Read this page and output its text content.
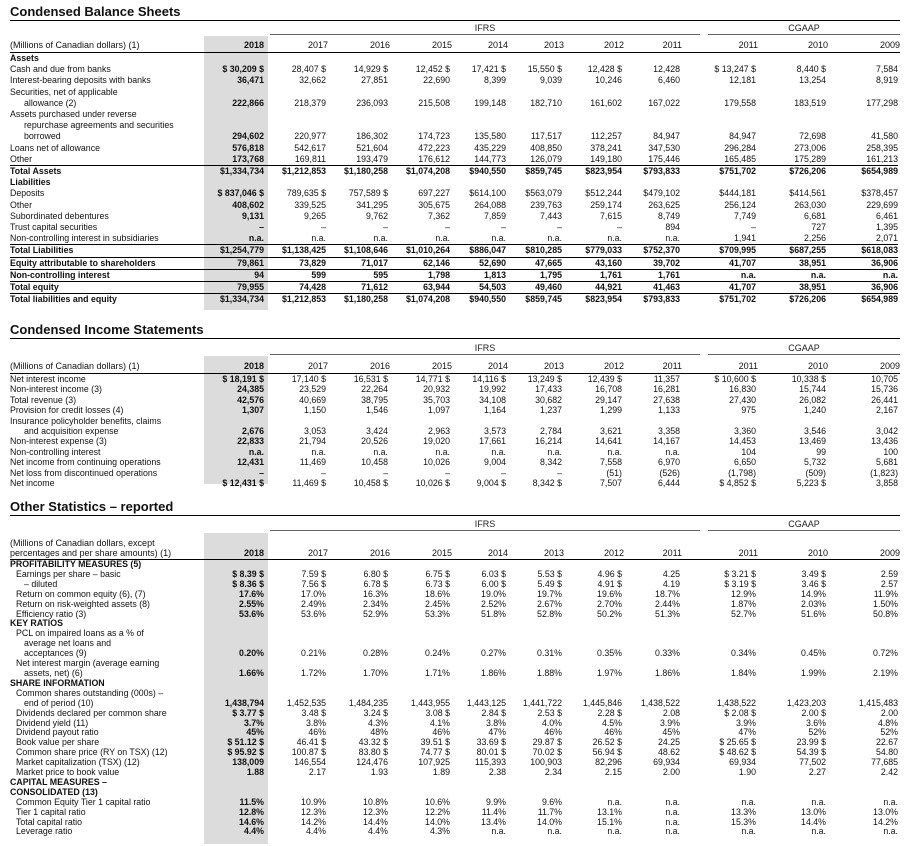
Condensed Balance Sheets
IFRS	CGAAP
(Millions of Canadian dollars) (1)	2018	2017	2016	2015	2014	2013	2012	2011	2011	2010	2009
Assets											
Cash and due from banks	$ 30,209 $	28,407 $	14,929 $	12,452 $	17,421 $	15,550 $	12,428 $	12,428	$ 13,247 $	8,440 $	7,584
Interest-bearing deposits with banks	36,471	32,662	27,851	22,690	8,399	9,039	10,246	6,460	12,181	13,254	8,919
Securities, net of applicable											
allowance (2)	222,866	218,379	236,093	215,508	199,148	182,710	161,602	167,022	179,558	183,519	177,298
Assets purchased under reverse											
repurchase agreements and securities											
borrowed	294,602	220,977	186,302	174,723	135,580	117,517	112,257	84,947	84,947	72,698	41,580
Loans net of allowance	576,818	542,617	521,604	472,223	435,229	408,850	378,241	347,530	296,284	273,006	258,395
Other	173,768	169,811	193,479	176,612	144,773	126,079	149,180	175,446	165,485	175,289	161,213
Total Assets	$1,334,734	$1,212,853	$1,180,258	$1,074,208	$940,550	$859,745	$823,954	$793,833	$751,702	$726,206	$654,989
Liabilities											
Deposits	$ 837,046 $	789,635 $	757,589 $	697,227	$614,100	$563,079	$512,244	$479,102	$444,181	$414,561	$378,457
Other	408,602	339,525	341,295	305,675	264,088	239,763	259,174	263,625	256,124	263,030	229,699
Subordinated debentures	9,131	9,265	9,762	7,362	7,859	7,443	7,615	8,749	7,749	6,681	6,461
Trust capital securities	–	–	–	–	–	–	–	894	–	727	1,395
Non-controlling interest in subsidiaries	n.a.	n.a.	n.a.	n.a.	n.a.	n.a.	n.a.	n.a.	1,941	2,256	2,071
Total Liabilities	$1,254,779	$1,138,425	$1,108,646	$1,010,264	$886,047	$810,285	$779,033	$752,370	$709,995	$687,255	$618,083
Equity attributable to shareholders	79,861	73,829	71,017	62,146	52,690	47,665	43,160	39,702	41,707	38,951	36,906
Non-controlling interest	94	599	595	1,798	1,813	1,795	1,761	1,761	n.a.	n.a.	n.a.
Total equity	79,955	74,428	71,612	63,944	54,503	49,460	44,921	41,463	41,707	38,951	36,906
Total liabilities and equity	$1,334,734	$1,212,853	$1,180,258	$1,074,208	$940,550	$859,745	$823,954	$793,833	$751,702	$726,206	$654,989
Condensed Income Statements
IFRS	CGAAP
(Millions of Canadian dollars) (1)	2018	2017	2016	2015	2014	2013	2012	2011	2011	2010	2009
Net interest income	$ 18,191 $	17,140 $	16,531 $	14,771 $	14,116 $	13,249 $	12,439 $	11,357	$ 10,600 $	10,338 $	10,705
Non-interest income (3)	24,385	23,529	22,264	20,932	19,992	17,433	16,708	16,281	16,830	15,744	15,736
Total revenue (3)	42,576	40,669	38,795	35,703	34,108	30,682	29,147	27,638	27,430	26,082	26,441
Provision for credit losses (4)	1,307	1,150	1,546	1,097	1,164	1,237	1,299	1,133	975	1,240	2,167
Insurance policyholder benefits, claims											
and acquisition expense	2,676	3,053	3,424	2,963	3,573	2,784	3,621	3,358	3,360	3,546	3,042
Non-interest expense (3)	22,833	21,794	20,526	19,020	17,661	16,214	14,641	14,167	14,453	13,469	13,436
Non-controlling interest	n.a.	n.a.	n.a.	n.a.	n.a.	n.a.	n.a.	n.a.	104	99	100
Net income from continuing operations	12,431	11,469	10,458	10,026	9,004	8,342	7,558	6,970	6,650	5,732	5,681
Net loss from discontinued operations	–	–	–	–	–	–	(51)	(526)	(1,798)	(509)	(1,823)
Net income	$ 12,431 $	11,469 $	10,458 $	10,026 $	9,004 $	8,342 $	7,507	6,444	$ 4,852 $	5,223 $	3,858
Other Statistics – reported
IFRS	CGAAP
(Millions of Canadian dollars, except
percentages and per share amounts) (1)	2018	2017	2016	2015	2014	2013	2012	2011	2011	2010	2009
PROFITABILITY MEASURES (5)											
Earnings per share – basic	$ 8.39 $	7.59 $	6.80 $	6.75 $	6.03 $	5.53 $	4.96 $	4.25	$ 3.21 $	3.49 $	2.59
– diluted	$ 8.36 $	7.56 $	6.78 $	6.73 $	6.00 $	5.49 $	4.91 $	4.19	$ 3.19 $	3.46 $	2.57
Return on common equity (6), (7)	17.6%	17.0%	16.3%	18.6%	19.0%	19.7%	19.6%	18.7%	12.9%	14.9%	11.9%
Return on risk-weighted assets (8)	2.55%	2.49%	2.34%	2.45%	2.52%	2.67%	2.70%	2.44%	1.87%	2.03%	1.50%
Efficiency ratio (3)	53.6%	53.6%	52.9%	53.3%	51.8%	52.8%	50.2%	51.3%	52.7%	51.6%	50.8%
KEY RATIOS											
PCL on impaired loans as a % of											
average net loans and											
acceptances (9)	0.20%	0.21%	0.28%	0.24%	0.27%	0.31%	0.35%	0.33%	0.34%	0.45%	0.72%
Net interest margin (average earning											
assets, net) (6)	1.66%	1.72%	1.70%	1.71%	1.86%	1.88%	1.97%	1.86%	1.84%	1.99%	2.19%
SHARE INFORMATION											
Common shares outstanding (000s) –											
end of period (10)	1,438,794	1,452,535	1,484,235	1,443,955	1,443,125	1,441,722	1,445,846	1,438,522	1,438,522	1,423,203	1,415,483
Dividends declared per common share	$ 3.77 $	3.48 $	3.24 $	3.08 $	2.84 $	2.53 $	2.28 $	2.08	$ 2.08 $	2.00 $	2.00
Dividend yield (11)	3.7%	3.8%	4.3%	4.1%	3.8%	4.0%	4.5%	3.9%	3.9%	3.6%	4.8%
Dividend payout ratio	45%	46%	48%	46%	47%	46%	46%	45%	47%	52%	52%
Book value per share	$ 51.12 $	46.41 $	43.32 $	39.51 $	33.69 $	29.87 $	26.52 $	24.25	$ 25.65 $	23.99 $	22.67
Common share price (RY on TSX) (12)	$ 95.92 $	100.87 $	83.80 $	74.77 $	80.01 $	70.02 $	56.94 $	48.62	$ 48.62 $	54.39 $	54.80
Market capitalization (TSX) (12)	138,009	146,554	124,476	107,925	115,393	100,903	82,296	69,934	69,934	77,502	77,685
Market price to book value	1.88	2.17	1.93	1.89	2.38	2.34	2.15	2.00	1.90	2.27	2.42
CAPITAL MEASURES –											
CONSOLIDATED (13)											
Common Equity Tier 1 capital ratio	11.5%	10.9%	10.8%	10.6%	9.9%	9.6%	n.a.	n.a.	n.a.	n.a.	n.a.
Tier 1 capital ratio	12.8%	12.3%	12.3%	12.2%	11.4%	11.7%	13.1%	n.a.	13.3%	13.0%	13.0%
Total capital ratio	14.6%	14.2%	14.4%	14.0%	13.4%	14.0%	15.1%	n.a.	15.3%	14.4%	14.2%
Leverage ratio	4.4%	4.4%	4.4%	4.3%	n.a.	n.a.	n.a.	n.a.	n.a.	n.a.	n.a.
